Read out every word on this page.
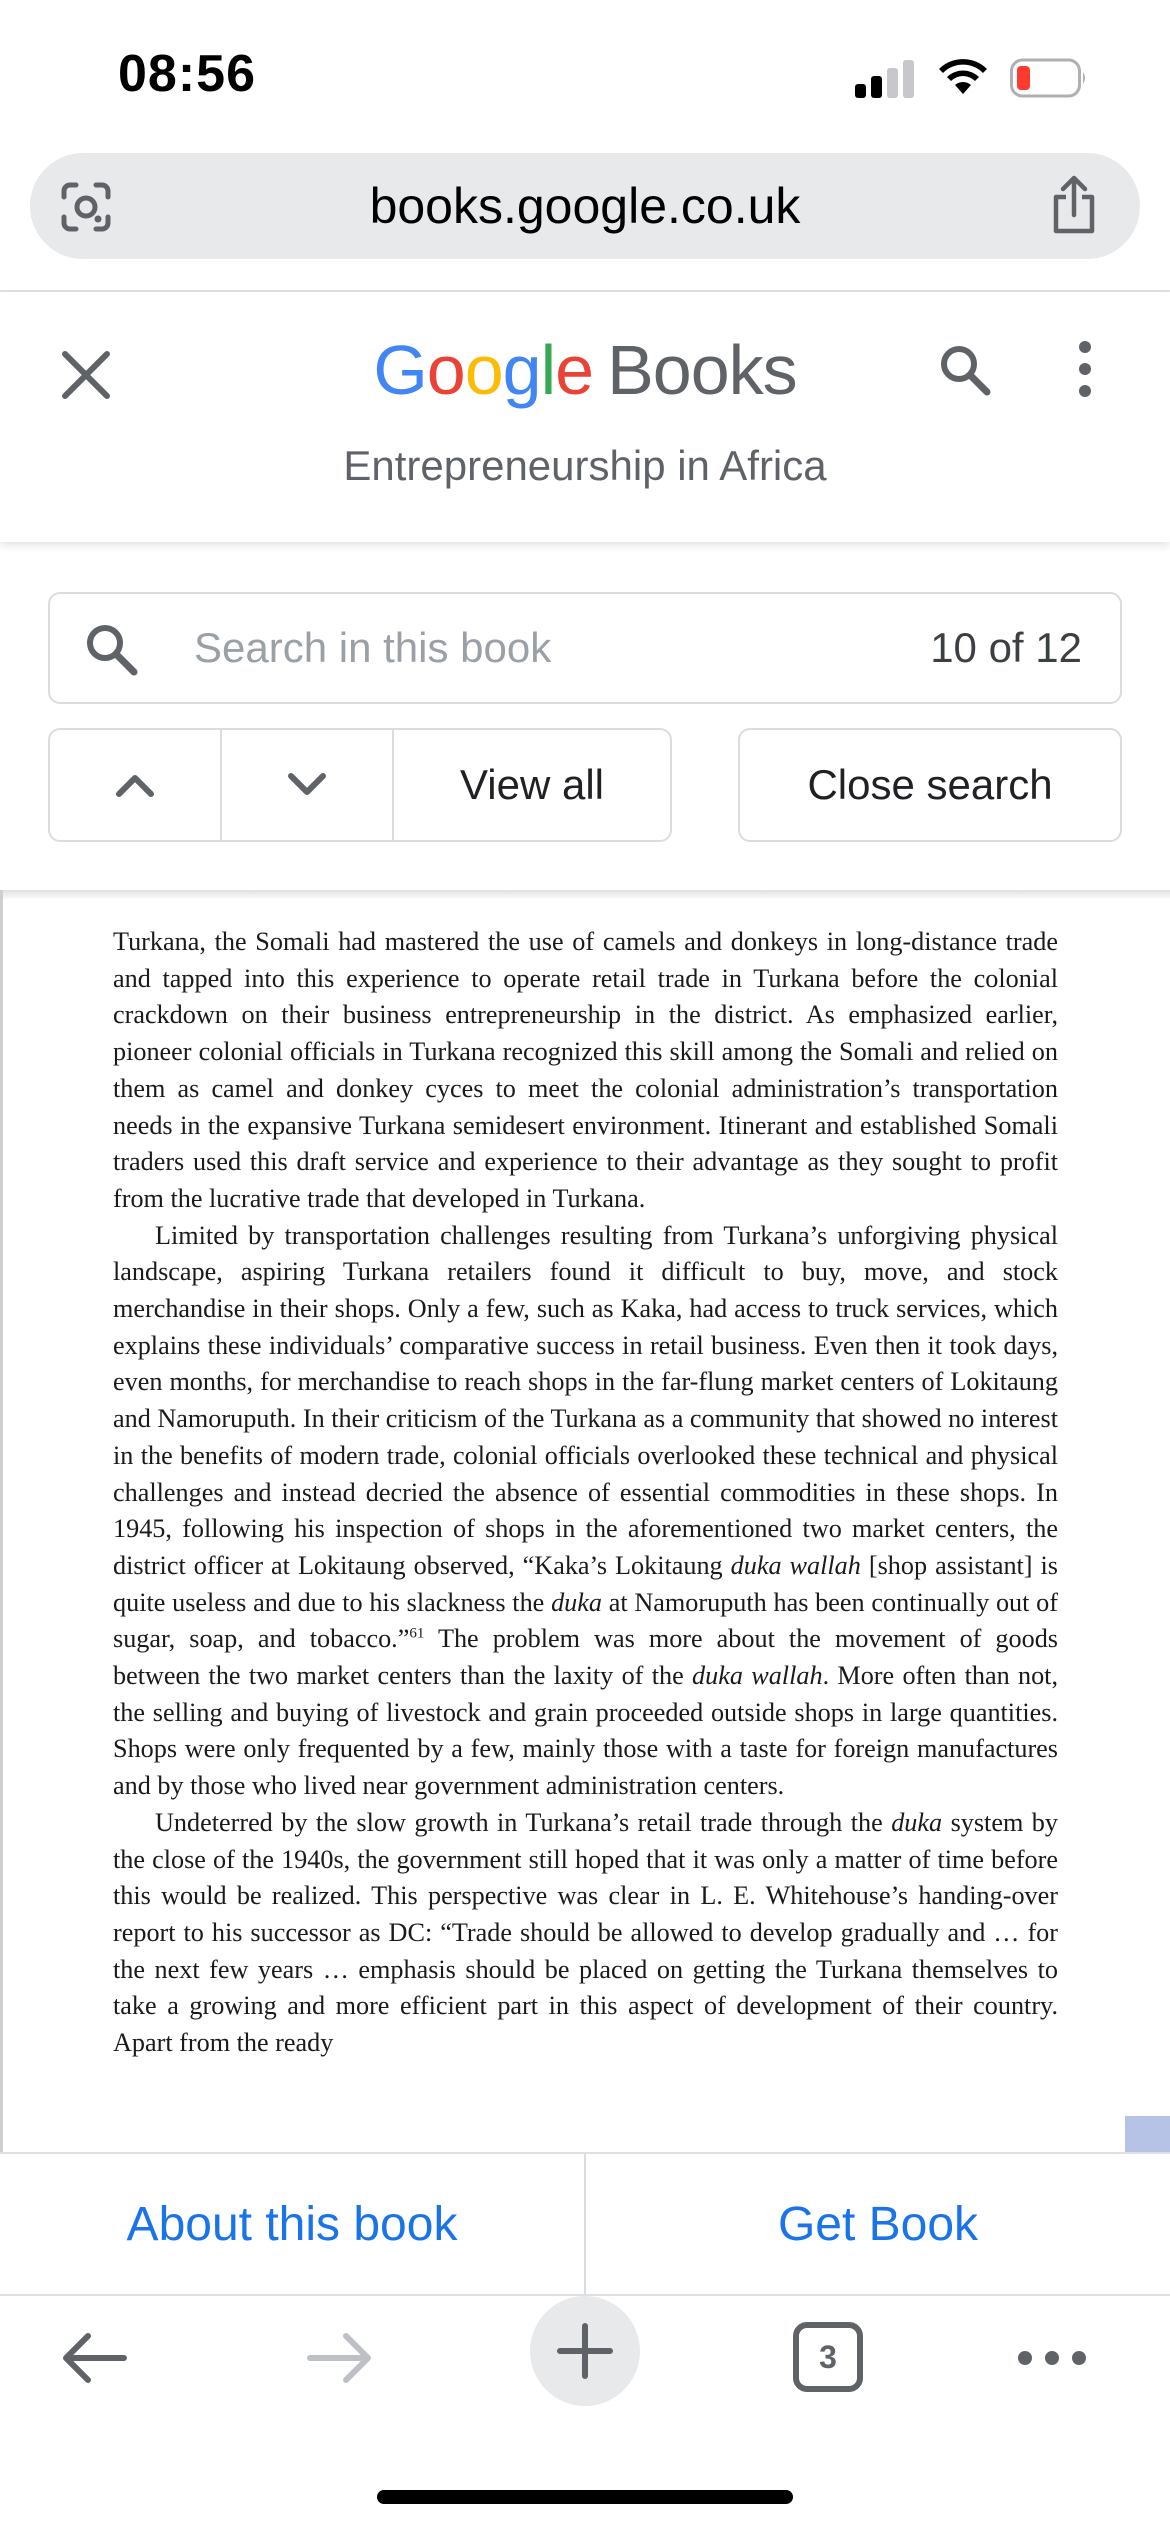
08:56
books.google.co.uk
Google Books
Entrepreneurship in Africa
Search in this book	10 of 12
View all	Close search

Turkana, the Somali had mastered the use of camels and donkeys in long-distance trade and tapped into this experience to operate retail trade in Turkana before the colonial crackdown on their business entrepreneurship in the district. As emphasized earlier, pioneer colonial officials in Turkana recognized this skill among the Somali and relied on them as camel and donkey cyces to meet the colonial administration’s transportation needs in the expansive Turkana semidesert environment. Itinerant and established Somali traders used this draft service and experience to their advantage as they sought to profit from the lucrative trade that developed in Turkana.

Limited by transportation challenges resulting from Turkana’s unforgiving physical landscape, aspiring Turkana retailers found it difficult to buy, move, and stock merchandise in their shops. Only a few, such as Kaka, had access to truck services, which explains these individuals’ comparative success in retail business. Even then it took days, even months, for merchandise to reach shops in the far-flung market centers of Lokitaung and Namoruputh. In their criticism of the Turkana as a community that showed no interest in the benefits of modern trade, colonial officials overlooked these technical and physical challenges and instead decried the absence of essential commodities in these shops. In 1945, following his inspection of shops in the aforementioned two market centers, the district officer at Lokitaung observed, “Kaka’s Lokitaung duka wallah [shop assistant] is quite useless and due to his slackness the duka at Namoruputh has been continually out of sugar, soap, and tobacco.”$^{61}$ The problem was more about the movement of goods between the two market centers than the laxity of the duka wallah. More often than not, the selling and buying of livestock and grain proceeded outside shops in large quantities. Shops were only frequented by a few, mainly those with a taste for foreign manufactures and by those who lived near government administration centers.

Undeterred by the slow growth in Turkana’s retail trade through the duka system by the close of the 1940s, the government still hoped that it was only a matter of time before this would be realized. This perspective was clear in L. E. Whitehouse’s handing-over report to his successor as DC: “Trade should be allowed to develop gradually and … for the next few years … emphasis should be placed on getting the Turkana themselves to take a growing and more efficient part in this aspect of development of their country. Apart from the ready

About this book	Get Book
3
